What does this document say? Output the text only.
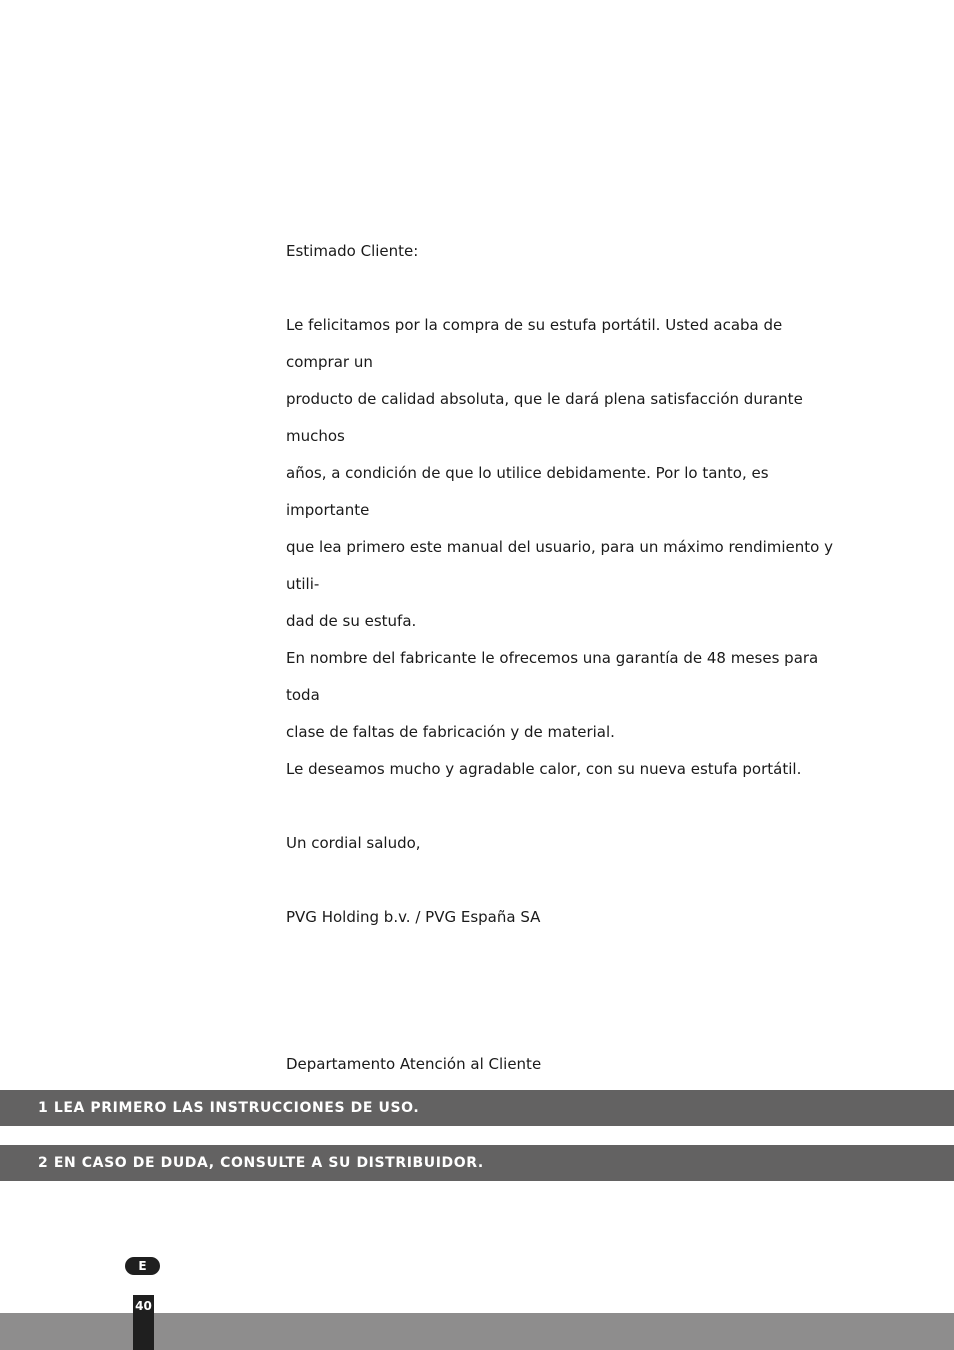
Estimado Cliente:

Le felicitamos por la compra de su estufa portátil. Usted acaba de comprar un

producto de calidad absoluta, que le dará plena satisfacción durante muchos

años, a condición de que lo utilice debidamente. Por lo tanto, es importante

que lea primero este manual del usuario, para un máximo rendimiento y utili-

dad de su estufa.

En nombre del fabricante le ofrecemos una garantía de 48 meses para toda

clase de faltas de fabricación y de material.

Le deseamos mucho y agradable calor, con su nueva estufa portátil.

Un cordial saludo,

PVG Holding b.v. / PVG España SA

Departamento Atención al Cliente

1 LEA PRIMERO LAS INSTRUCCIONES DE USO.
2 EN CASO DE DUDA, CONSULTE A SU DISTRIBUIDOR.
E
40
